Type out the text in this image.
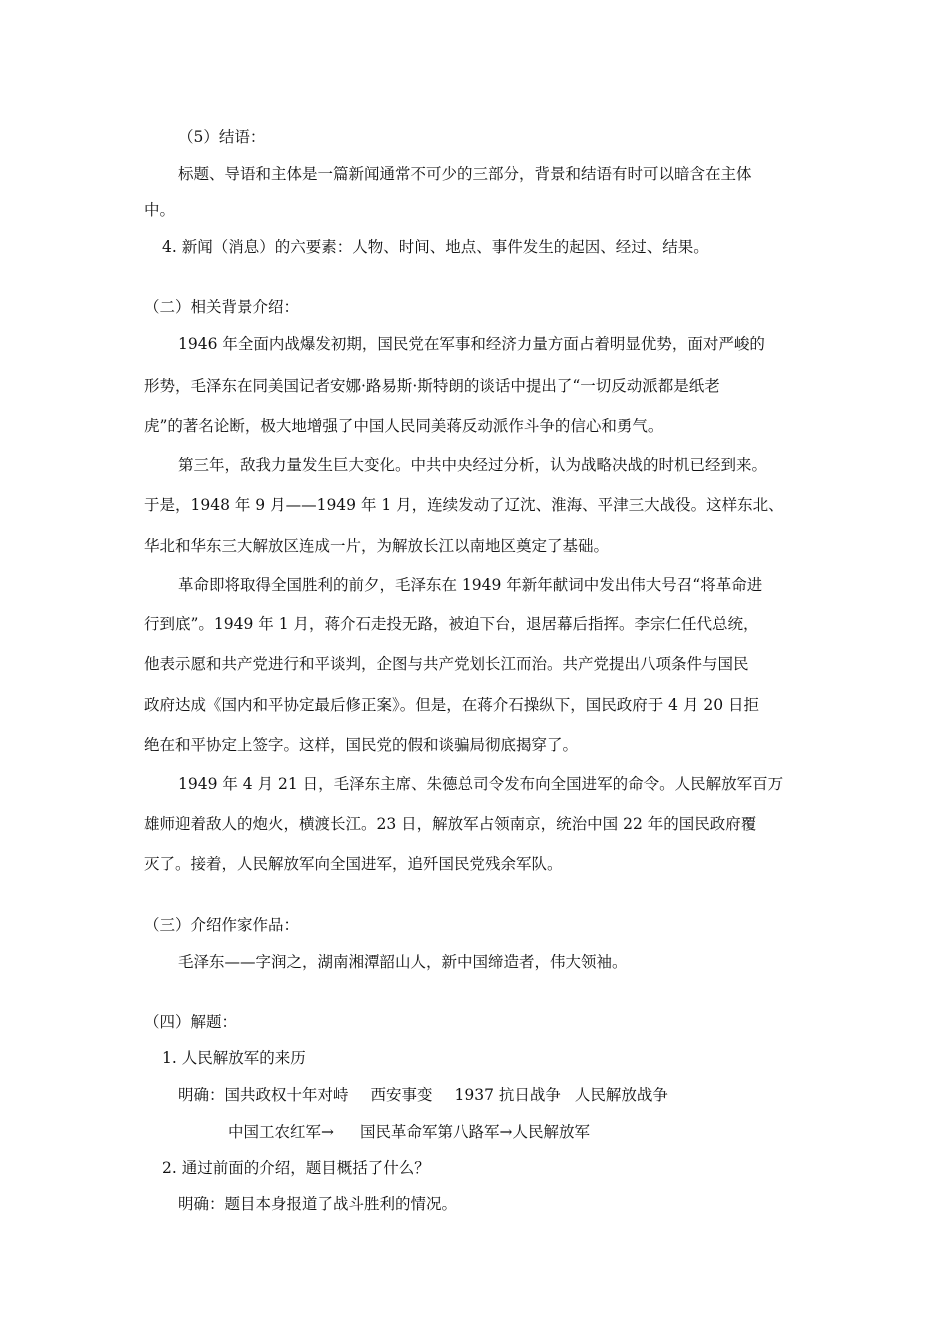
（5）结语：
标题、导语和主体是一篇新闻通常不可少的三部分，背景和结语有时可以暗含在主体
中。
4. 新闻（消息）的六要素：人物、时间、地点、事件发生的起因、经过、结果。
（二）相关背景介绍：
1946 年全面内战爆发初期，国民党在军事和经济力量方面占着明显优势，面对严峻的
形势，毛泽东在同美国记者安娜·路易斯·斯特朗的谈话中提出了“一切反动派都是纸老
虎”的著名论断，极大地增强了中国人民同美蒋反动派作斗争的信心和勇气。
第三年，敌我力量发生巨大变化。中共中央经过分析，认为战略决战的时机已经到来。
于是，1948 年 9 月——1949 年 1 月，连续发动了辽沈、淮海、平津三大战役。这样东北、
华北和华东三大解放区连成一片，为解放长江以南地区奠定了基础。
革命即将取得全国胜利的前夕，毛泽东在 1949 年新年献词中发出伟大号召“将革命进
行到底”。1949 年 1 月，蒋介石走投无路，被迫下台，退居幕后指挥。李宗仁任代总统，
他表示愿和共产党进行和平谈判，企图与共产党划长江而治。共产党提出八项条件与国民
政府达成《国内和平协定最后修正案》。但是，在蒋介石操纵下，国民政府于 4 月 20 日拒
绝在和平协定上签字。这样，国民党的假和谈骗局彻底揭穿了。
1949 年 4 月 21 日，毛泽东主席、朱德总司令发布向全国进军的命令。人民解放军百万
雄师迎着敌人的炮火，横渡长江。23 日，解放军占领南京，统治中国 22 年的国民政府覆
灭了。接着，人民解放军向全国进军，追歼国民党残余军队。
（三）介绍作家作品：
毛泽东——字润之，湖南湘潭韶山人，新中国缔造者，伟大领袖。
（四）解题：
1. 人民解放军的来历
明确：国共政权十年对峙 西安事变 1937 抗日战争 人民解放战争
中国工农红军→ 国民革命军第八路军→人民解放军
2. 通过前面的介绍，题目概括了什么？
明确：题目本身报道了战斗胜利的情况。
